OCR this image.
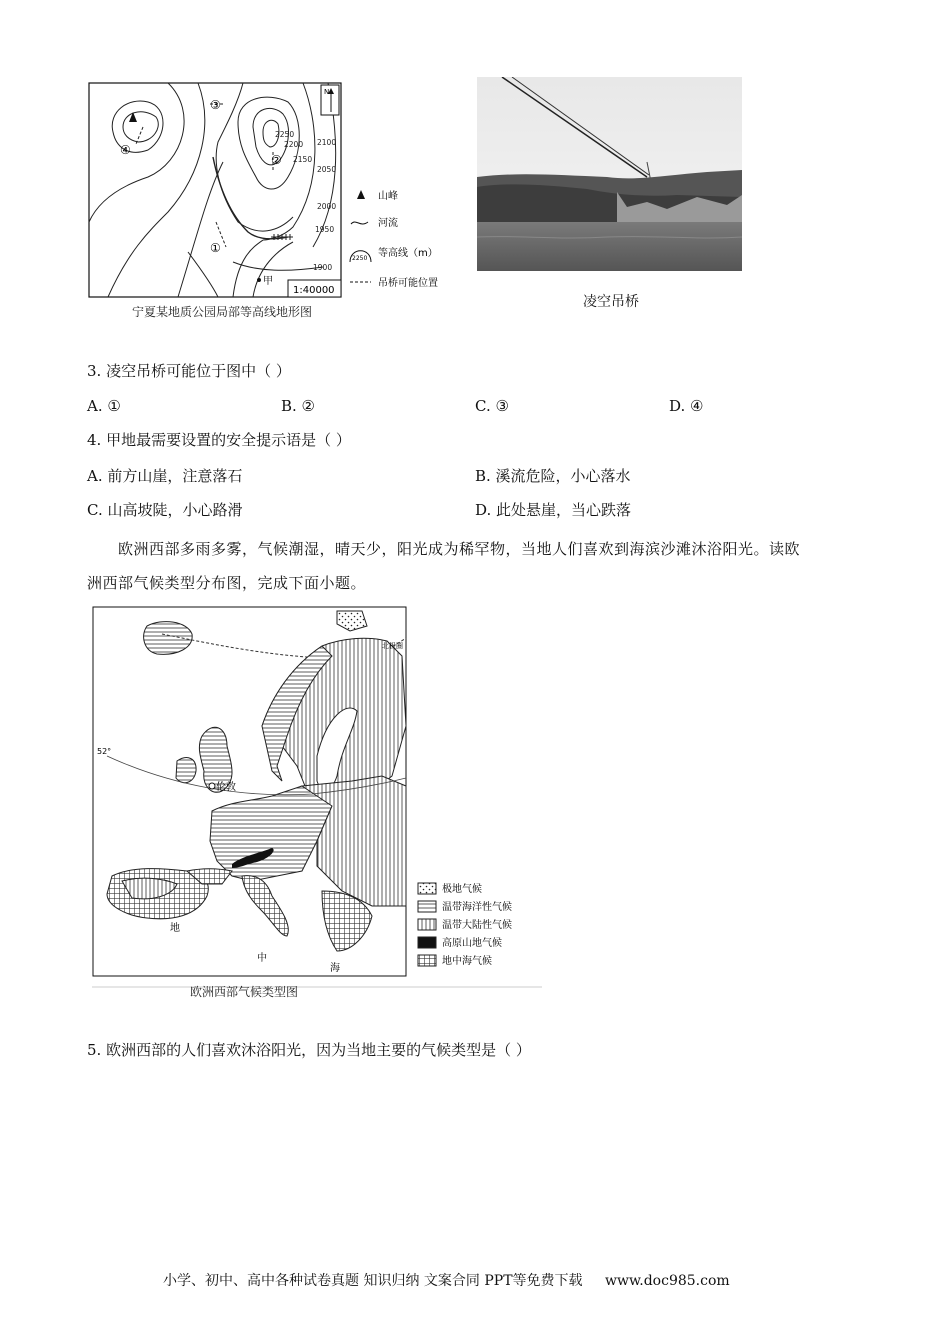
③
②
①
④
甲
2250
2200
2150
2100
2050
2000
1950
1900
N
1:40000
山峰
河流
2250 等高线（m）
吊桥可能位置
宁夏某地质公园局部等高线地形图
凌空吊桥
3. 凌空吊桥可能位于图中（ ）
A. ①	B. ②	C. ③	D. ④
4. 甲地最需要设置的安全提示语是（ ）
A. 前方山崖，注意落石	B. 溪流危险，小心落水
C. 山高坡陡，小心路滑	D. 此处悬崖，当心跌落
欧洲西部多雨多雾，气候潮湿，晴天少，阳光成为稀罕物，当地人们喜欢到海滨沙滩沐浴阳光。读欧
洲西部气候类型分布图，完成下面小题。
伦敦
北极圈
52°
地
中
海
极地气候
温带海洋性气候
温带大陆性气候
高原山地气候
地中海气候
欧洲西部气候类型图
5. 欧洲西部的人们喜欢沐浴阳光，因为当地主要的气候类型是（ ）
小学、初中、高中各种试卷真题 知识归纳 文案合同 PPT等免费下载 www.doc985.com
